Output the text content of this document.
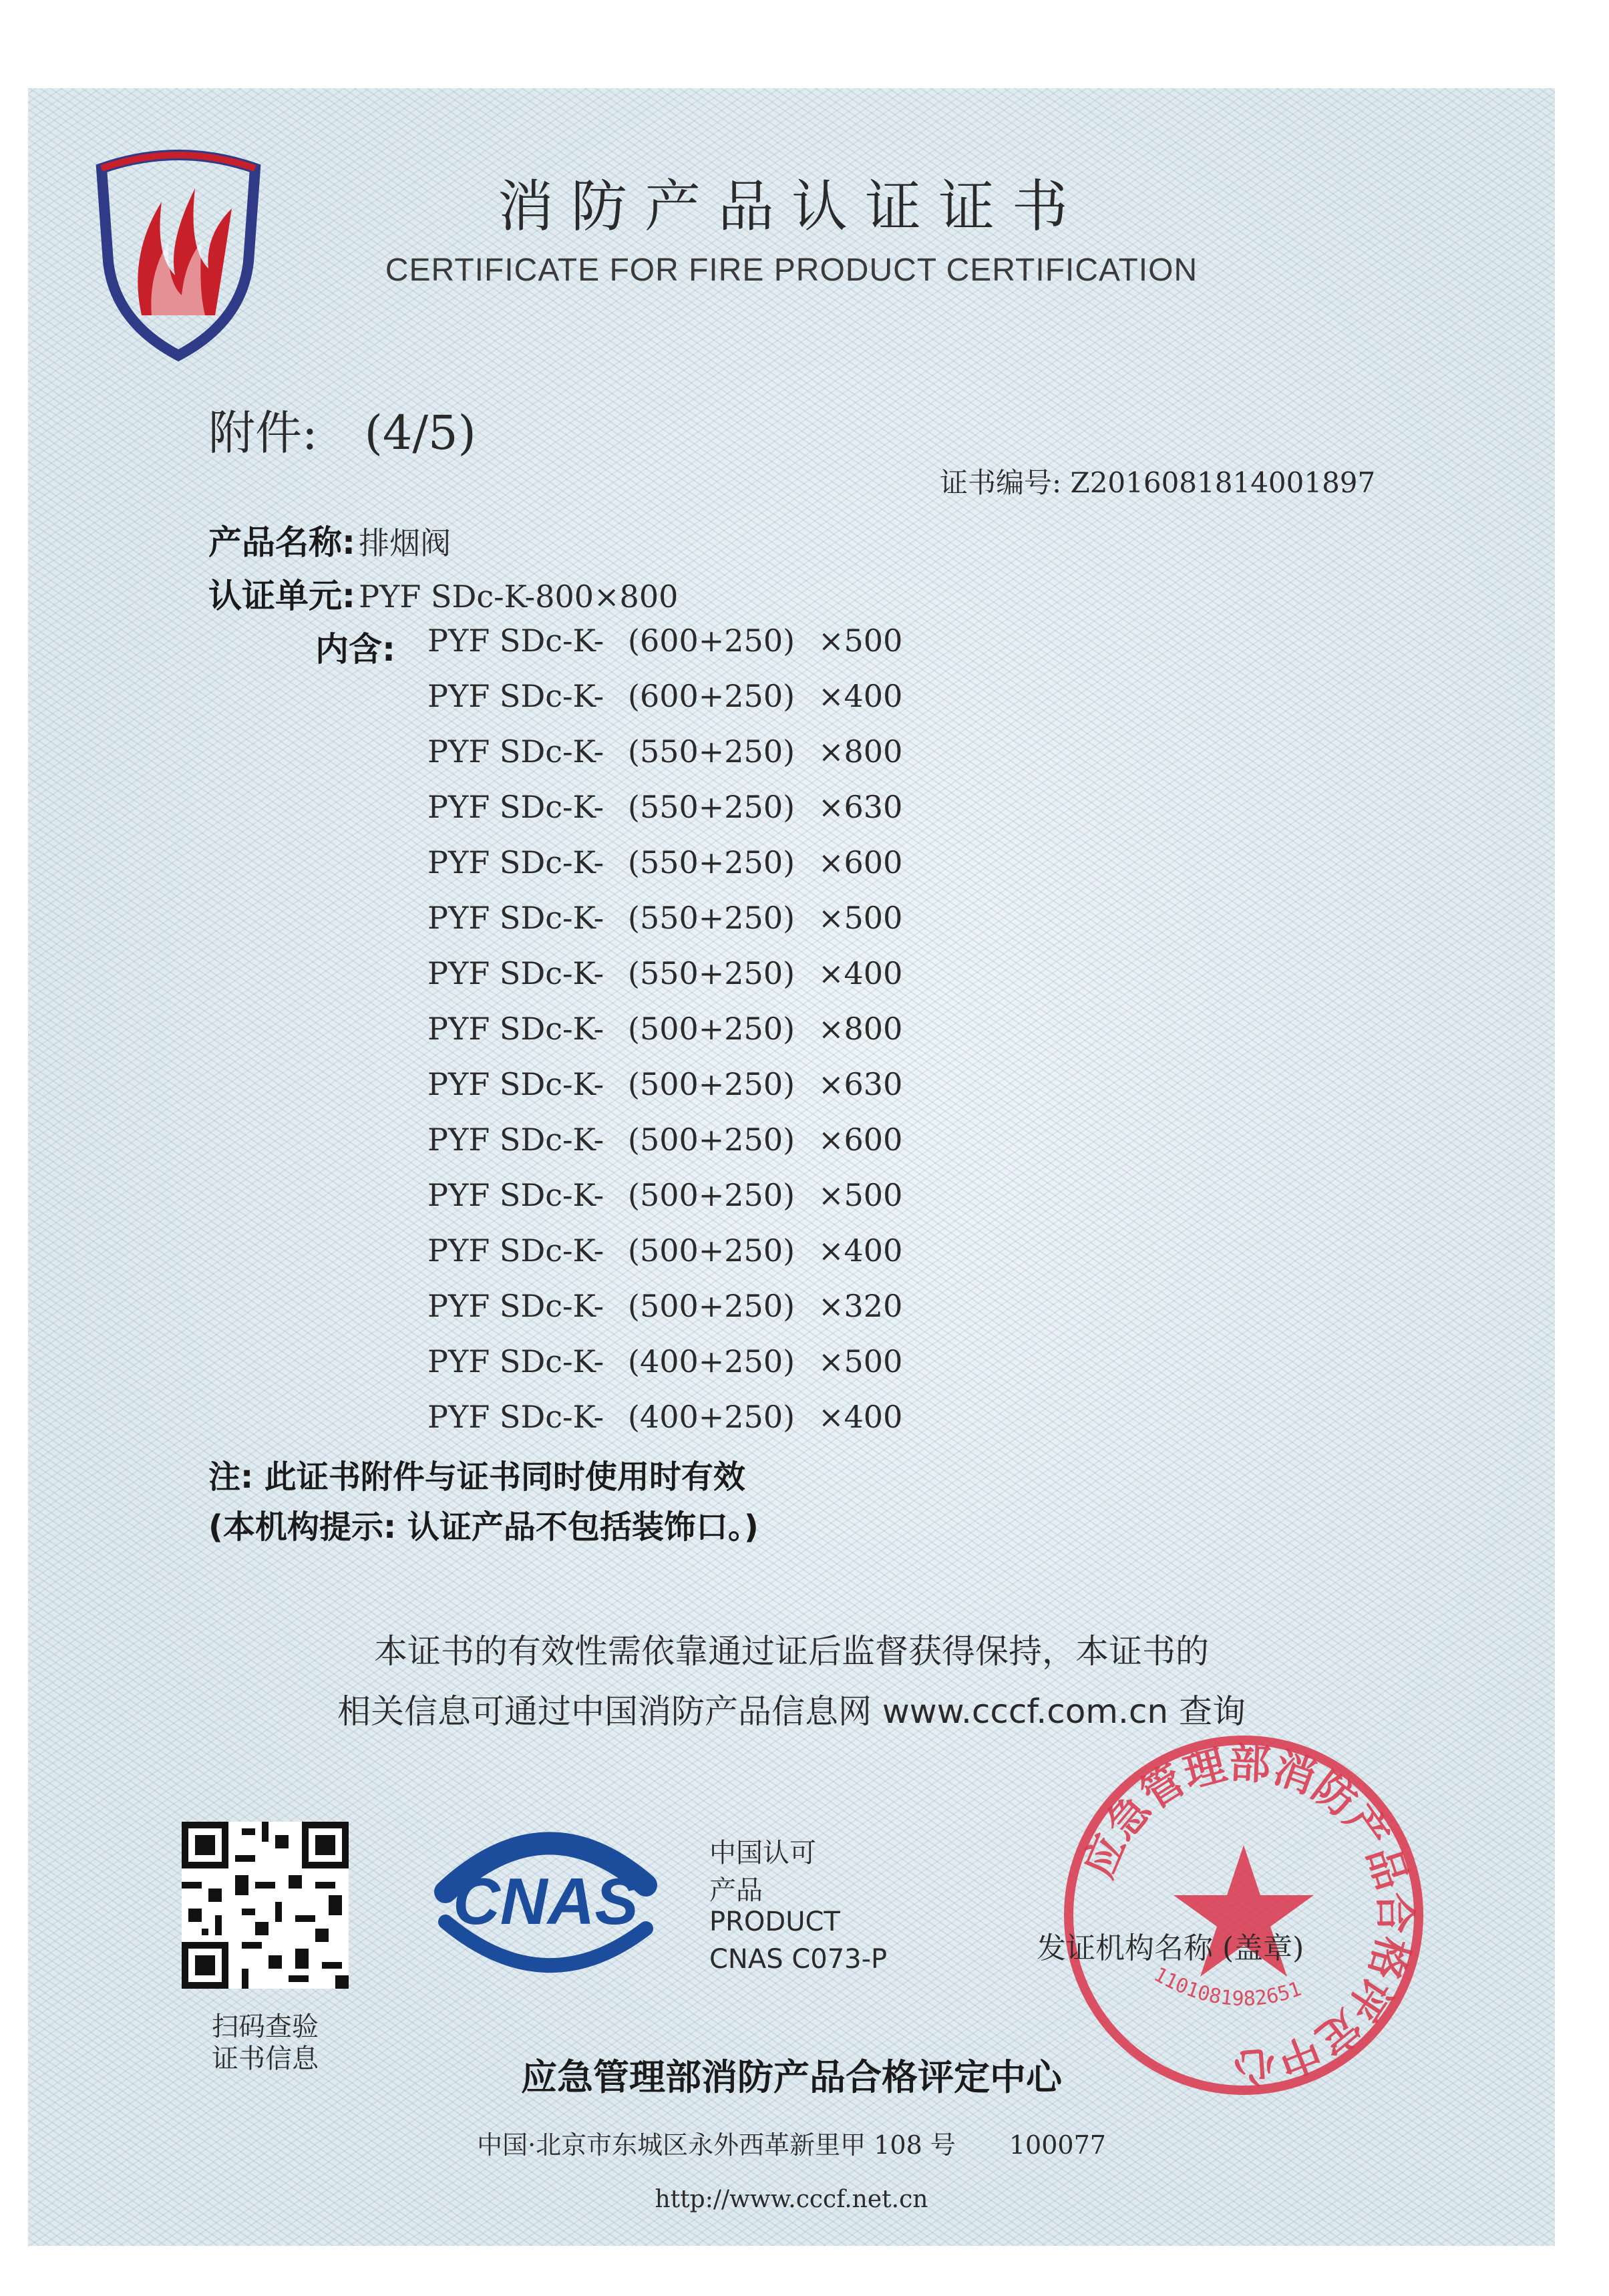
消防产品认证证书
CERTIFICATE FOR FIRE PRODUCT CERTIFICATION
附件: (4/5)
证书编号: Z2016081814001897
产品名称: 排烟阀
认证单元: PYF SDc-K-800×800
内含: PYF SDc-K- (600+250) ×500
PYF SDc-K- (600+250) ×400
PYF SDc-K- (550+250) ×800
PYF SDc-K- (550+250) ×630
PYF SDc-K- (550+250) ×600
PYF SDc-K- (550+250) ×500
PYF SDc-K- (550+250) ×400
PYF SDc-K- (500+250) ×800
PYF SDc-K- (500+250) ×630
PYF SDc-K- (500+250) ×600
PYF SDc-K- (500+250) ×500
PYF SDc-K- (500+250) ×400
PYF SDc-K- (500+250) ×320
PYF SDc-K- (400+250) ×500
PYF SDc-K- (400+250) ×400
注: 此证书附件与证书同时使用时有效
(本机构提示: 认证产品不包括装饰口。)
本证书的有效性需依靠通过证后监督获得保持，本证书的
相关信息可通过中国消防产品信息网 www.cccf.com.cn 查询
扫码查验
证书信息
CNAS
中国认可
产品
PRODUCT
CNAS C073-P
应急管理部消防产品合格评定中心
1101081982651
发证机构名称 (盖章)
应急管理部消防产品合格评定中心
中国·北京市东城区永外西革新里甲 108 号 100077
http://www.cccf.net.cn
